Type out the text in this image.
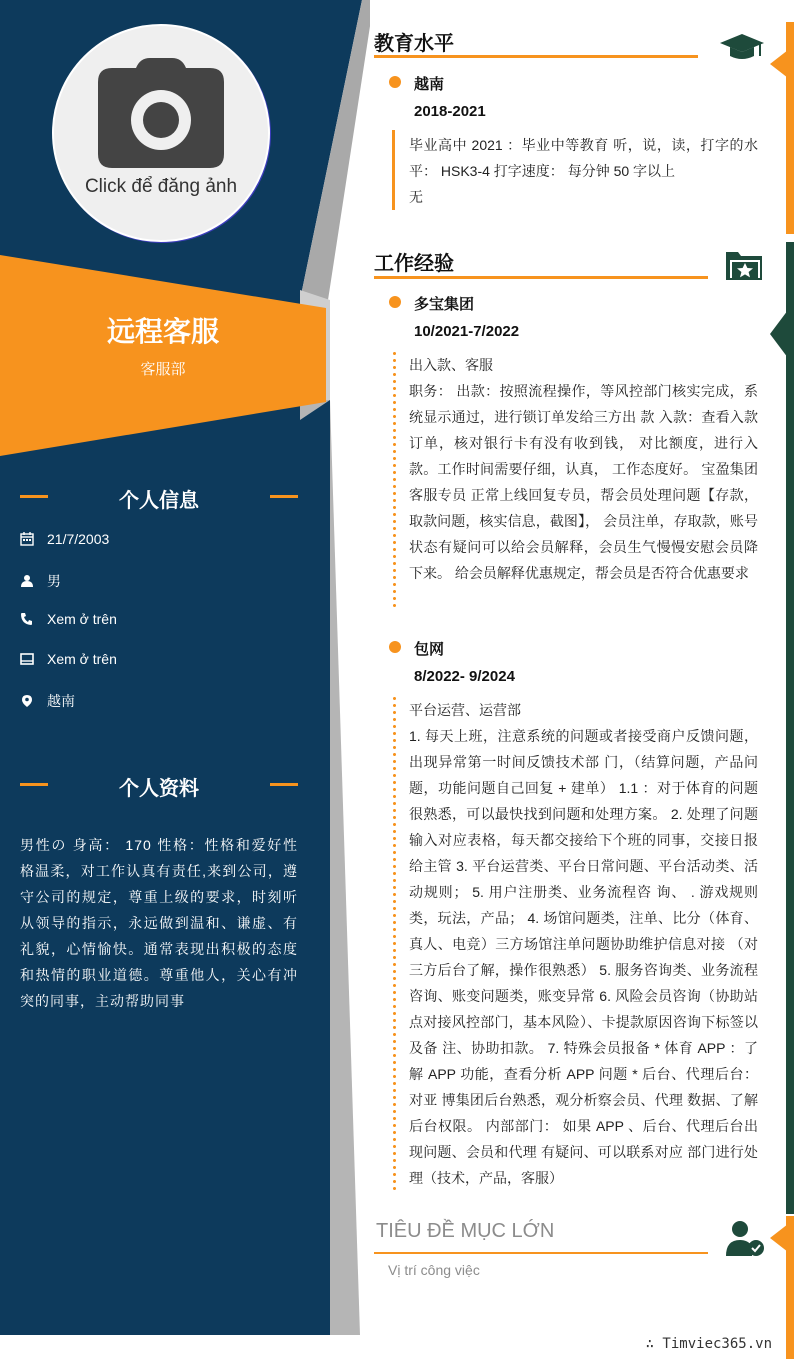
Click để đăng ảnh
远程客服
客服部
个人信息
21/7/2003
男
Xem ở trên
Xem ở trên
越南
个人资料
男性の 身高： 170 性格：性格和爱好性格温柔，对工作认真有责任,来到公司，遵守公司的规定，尊重上级的要求，时刻听从领导的指示，永远做到温和、谦虚、有礼貌，心情愉快。通常表现出积极的态度和热情的职业道德。尊重他人，关心有冲突的同事，主动帮助同事
教育水平
越南
2018-2021
毕业高中 2021 ：毕业中等教育 听，说，读，打字的水平： HSK3-4 打字速度： 每分钟 50 字以上
无
工作经验
多宝集团
10/2021-7/2022
出入款、客服
职务： 出款：按照流程操作，等风控部门核实完成，系统显示通过，进行锁订单发给三方出 款 入款：查看入款订单，核对银行卡有没有收到钱， 对比额度，进行入款。工作时间需要仔细，认真， 工作态度好。 宝盈集团 客服专员 正常上线回复专员，帮会员处理问题【存款，取款问题，核实信息，截图】， 会员注单，存取款，账号状态有疑问可以给会员解释，会员生气慢慢安慰会员降下来。 给会员解释优惠规定，帮会员是否符合优惠要求
包网
8/2022- 9/2024
平台运营、运营部
1. 每天上班，注意系统的问题或者接受商户反馈问题，出现异常第一时间反馈技术部 门，（结算问题，产品问题，功能问题自己回复 + 建单） 1.1 ：对于体育的问题很熟悉，可以最快找到问题和处理方案。 2. 处理了问题输入对应表格，每天都交接给下个班的同事，交接日报给主管 3. 平台运营类、平台日常问题、平台活动类、活动规则； 5. 用户注册类、业务流程咨 询、 . 游戏规则类，玩法，产品； 4. 场馆问题类，注单、比分（体育、真人、电竞）三方场馆注单问题协助维护信息对接 （对三方后台了解，操作很熟悉） 5. 服务咨询类、业务流程咨询、账变问题类，账变异常 6. 风险会员咨询（协助站点对接风控部门，基本风险）、卡提款原因咨询下标签以及备 注、协助扣款。 7. 特殊会员报备 * 体育 APP ：了解 APP 功能，查看分析 APP 问题 * 后台、代理后台：对亚 博集团后台熟悉，观分析察会员、代理 数据、了解后台权限。 内部部门： 如果 APP 、后台、代理后台出现问题、会员和代理 有疑问、可以联系对应 部门进行处理（技术，产品，客服）
TIÊU ĐỀ MỤC LỚN
Vị trí công việc
∴ Timviec365.vn
